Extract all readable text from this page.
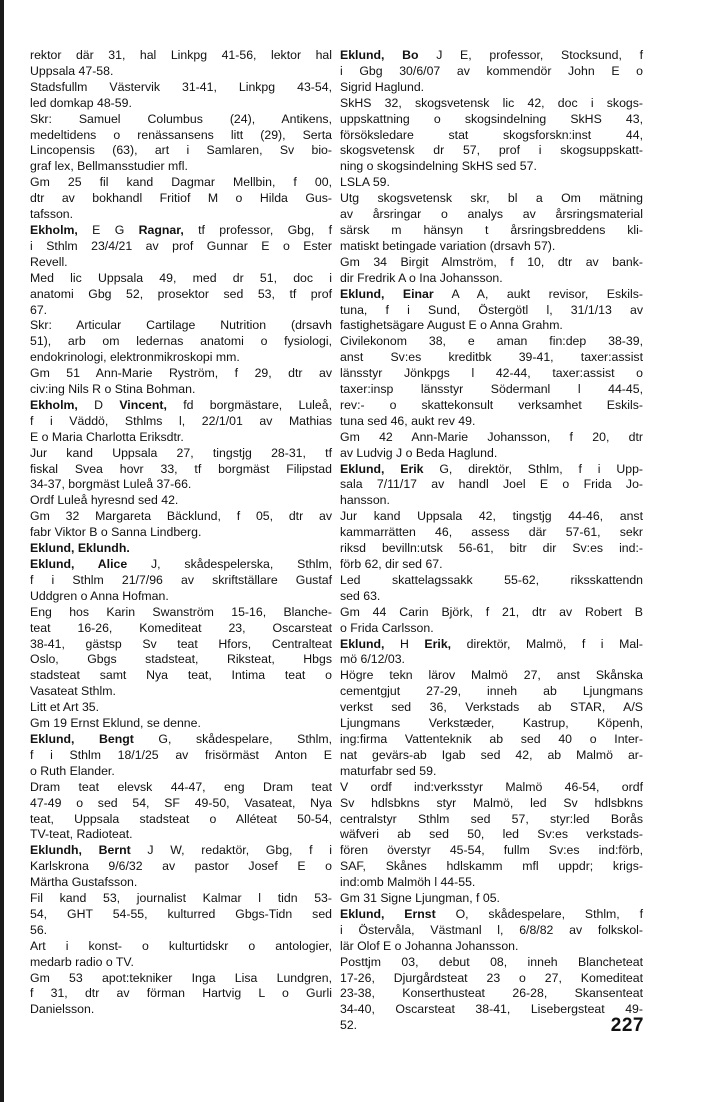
rektor där 31, hal Linkpg 41-56, lektor hal
Uppsala 47-58.
Stadsfullm Västervik 31-41, Linkpg 43-54,
led domkap 48-59.
Skr: Samuel Columbus (24), Antikens,
medeltidens o renässansens litt (29), Serta
Lincopensis (63), art i Samlaren, Sv bio-
graf lex, Bellmansstudier mfl.
Gm 25 fil kand Dagmar Mellbin, f 00,
dtr av bokhandl Fritiof M o Hilda Gus-
tafsson.
Ekholm, E G Ragnar, tf professor, Gbg, f
i Sthlm 23/4/21 av prof Gunnar E o Ester
Revell.
Med lic Uppsala 49, med dr 51, doc i
anatomi Gbg 52, prosektor sed 53, tf prof
67.
Skr: Articular Cartilage Nutrition (drsavh
51), arb om ledernas anatomi o fysiologi,
endokrinologi, elektronmikroskopi mm.
Gm 51 Ann-Marie Ryström, f 29, dtr av
civ:ing Nils R o Stina Bohman.
Ekholm, D Vincent, fd borgmästare, Luleå,
f i Väddö, Sthlms l, 22/1/01 av Mathias
E o Maria Charlotta Eriksdtr.
Jur kand Uppsala 27, tingstjg 28-31, tf
fiskal Svea hovr 33, tf borgmäst Filipstad
34-37, borgmäst Luleå 37-66.
Ordf Luleå hyresnd sed 42.
Gm 32 Margareta Bäcklund, f 05, dtr av
fabr Viktor B o Sanna Lindberg.
Eklund, Eklundh.
Eklund, Alice J, skådespelerska, Sthlm,
f i Sthlm 21/7/96 av skriftställare Gustaf
Uddgren o Anna Hofman.
Eng hos Karin Swanström 15-16, Blanche-
teat 16-26, Komediteat 23, Oscarsteat
38-41, gästsp Sv teat Hfors, Centralteat
Oslo, Gbgs stadsteat, Riksteat, Hbgs
stadsteat samt Nya teat, Intima teat o
Vasateat Sthlm.
Litt et Art 35.
Gm 19 Ernst Eklund, se denne.
Eklund, Bengt G, skådespelare, Sthlm,
f i Sthlm 18/1/25 av frisörmäst Anton E
o Ruth Elander.
Dram teat elevsk 44-47, eng Dram teat
47-49 o sed 54, SF 49-50, Vasateat, Nya
teat, Uppsala stadsteat o Alléteat 50-54,
TV-teat, Radioteat.
Eklundh, Bernt J W, redaktör, Gbg, f i
Karlskrona 9/6/32 av pastor Josef E o
Märtha Gustafsson.
Fil kand 53, journalist Kalmar l tidn 53-
54, GHT 54-55, kulturred Gbgs-Tidn sed
56.
Art i konst- o kulturtidskr o antologier,
medarb radio o TV.
Gm 53 apot:tekniker Inga Lisa Lundgren,
f 31, dtr av förman Hartvig L o Gurli
Danielsson.
Eklund, Bo J E, professor, Stocksund, f
i Gbg 30/6/07 av kommendör John E o
Sigrid Haglund.
SkHS 32, skogsvetensk lic 42, doc i skogs-
uppskattning o skogsindelning SkHS 43,
försöksledare stat skogsforskn:inst 44,
skogsvetensk dr 57, prof i skogsuppskatt-
ning o skogsindelning SkHS sed 57.
LSLA 59.
Utg skogsvetensk skr, bl a Om mätning
av årsringar o analys av årsringsmaterial
särsk m hänsyn t årsringsbreddens kli-
matiskt betingade variation (drsavh 57).
Gm 34 Birgit Almström, f 10, dtr av bank-
dir Fredrik A o Ina Johansson.
Eklund, Einar A A, aukt revisor, Eskils-
tuna, f i Sund, Östergötl l, 31/1/13 av
fastighetsägare August E o Anna Grahm.
Civilekonom 38, e aman fin:dep 38-39,
anst Sv:es kreditbk 39-41, taxer:assist
länsstyr Jönkpgs l 42-44, taxer:assist o
taxer:insp länsstyr Södermanl l 44-45,
rev:- o skattekonsult verksamhet Eskils-
tuna sed 46, aukt rev 49.
Gm 42 Ann-Marie Johansson, f 20, dtr
av Ludvig J o Beda Haglund.
Eklund, Erik G, direktör, Sthlm, f i Upp-
sala 7/11/17 av handl Joel E o Frida Jo-
hansson.
Jur kand Uppsala 42, tingstjg 44-46, anst
kammarrätten 46, assess där 57-61, sekr
riksd bevilln:utsk 56-61, bitr dir Sv:es ind:-
förb 62, dir sed 67.
Led skattelagssakk 55-62, riksskattendn
sed 63.
Gm 44 Carin Björk, f 21, dtr av Robert B
o Frida Carlsson.
Eklund, H Erik, direktör, Malmö, f i Mal-
mö 6/12/03.
Högre tekn lärov Malmö 27, anst Skånska
cementgjut 27-29, inneh ab Ljungmans
verkst sed 36, Verkstads ab STAR, A/S
Ljungmans Verkstæder, Kastrup, Köpenh,
ing:firma Vattenteknik ab sed 40 o Inter-
nat gevärs-ab Igab sed 42, ab Malmö ar-
maturfabr sed 59.
V ordf ind:verksstyr Malmö 46-54, ordf
Sv hdlsbkns styr Malmö, led Sv hdlsbkns
centralstyr Sthlm sed 57, styr:led Borås
wäfveri ab sed 50, led Sv:es verkstads-
fören överstyr 45-54, fullm Sv:es ind:förb,
SAF, Skånes hdlskamm mfl uppdr; krigs-
ind:omb Malmöh l 44-55.
Gm 31 Signe Ljungman, f 05.
Eklund, Ernst O, skådespelare, Sthlm, f
i Östervåla, Västmanl l, 6/8/82 av folkskol-
lär Olof E o Johanna Johansson.
Posttjm 03, debut 08, inneh Blancheteat
17-26, Djurgårdsteat 23 o 27, Komediteat
23-38, Konserthusteat 26-28, Skansenteat
34-40, Oscarsteat 38-41, Lisebergsteat 49-
52.	227
